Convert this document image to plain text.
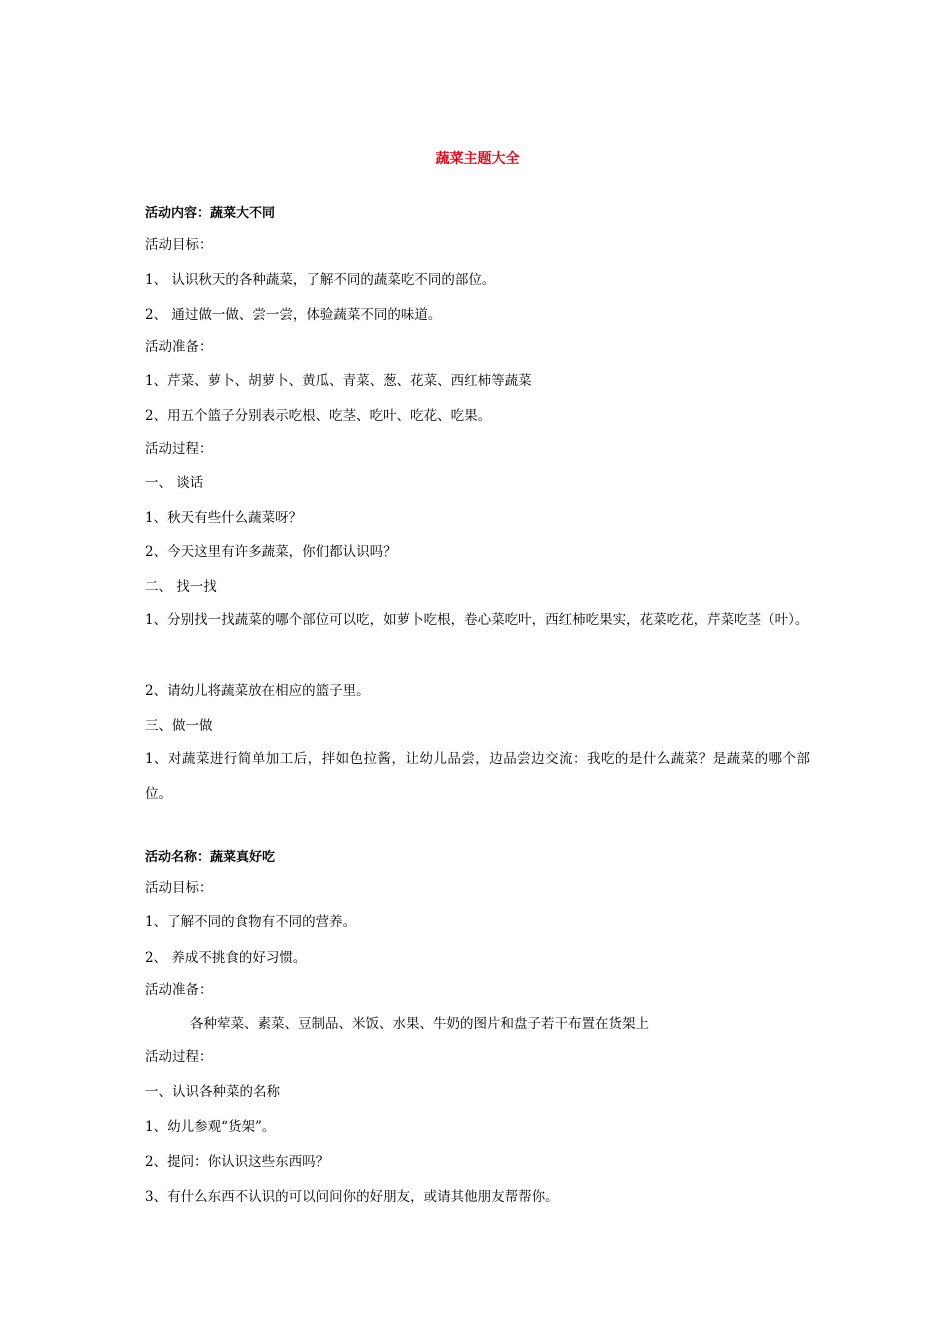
蔬菜主题大全
活动内容：蔬菜大不同
活动目标：
1、 认识秋天的各种蔬菜，了解不同的蔬菜吃不同的部位。
2、 通过做一做、尝一尝，体验蔬菜不同的味道。
活动准备：
1、芹菜、萝卜、胡萝卜、黄瓜、青菜、葱、花菜、西红柿等蔬菜
2、用五个篮子分别表示吃根、吃茎、吃叶、吃花、吃果。
活动过程：
一、 谈话
1、秋天有些什么蔬菜呀？
2、今天这里有许多蔬菜，你们都认识吗？
二、 找一找
1、分别找一找蔬菜的哪个部位可以吃，如萝卜吃根，卷心菜吃叶，西红柿吃果实，花菜吃花，芹菜吃茎（叶）。
2、请幼儿将蔬菜放在相应的篮子里。
三、做一做
1、对蔬菜进行简单加工后，拌如色拉酱，让幼儿品尝，边品尝边交流：我吃的是什么蔬菜？是蔬菜的哪个部位。
活动名称：蔬菜真好吃
活动目标：
1、了解不同的食物有不同的营养。
2、 养成不挑食的好习惯。
活动准备：
各种荤菜、素菜、豆制品、米饭、水果、牛奶的图片和盘子若干布置在货架上
活动过程：
一、认识各种菜的名称
1、幼儿参观“货架”。
2、提问：你认识这些东西吗？
3、有什么东西不认识的可以问问你的好朋友，或请其他朋友帮帮你。
